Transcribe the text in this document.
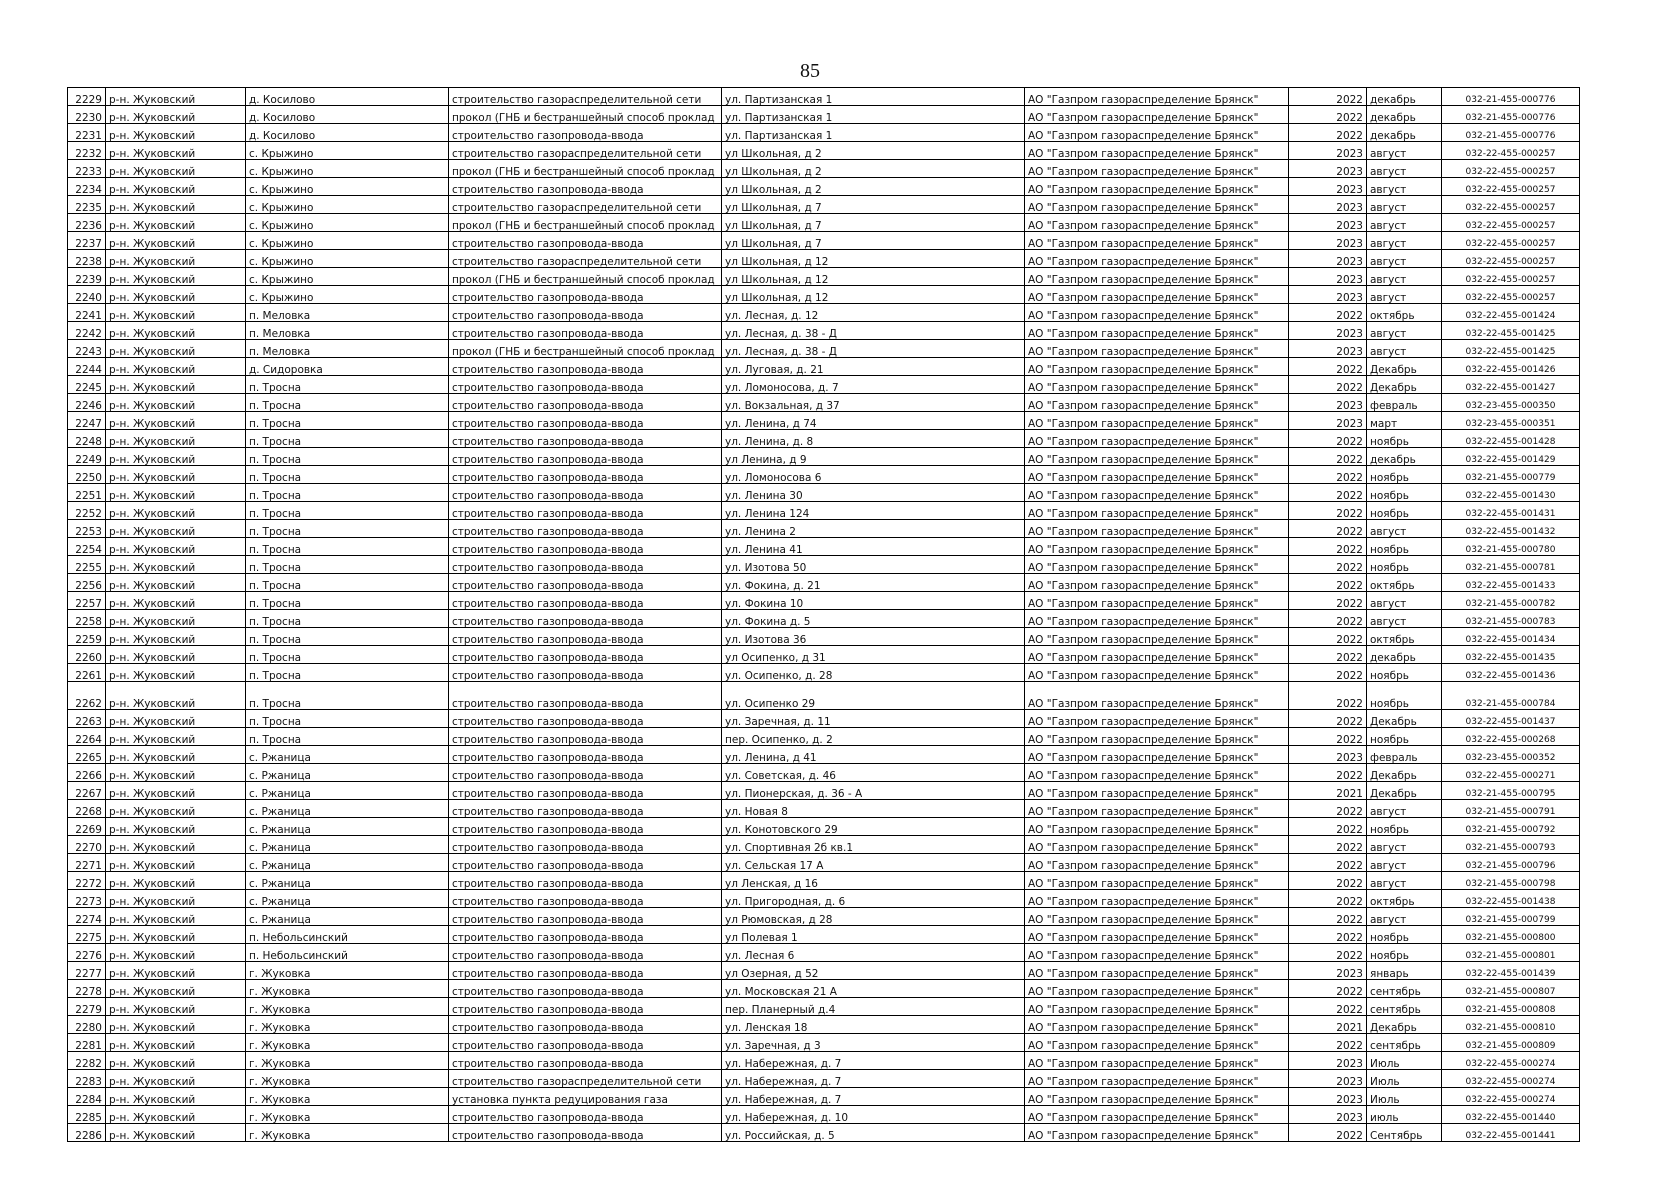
85
2229	р-н. Жуковский	д. Косилово	строительство газораспределительной сети	ул. Партизанская 1	АО "Газпром газораспределение Брянск"	2022	декабрь	032-21-455-000776
2230	р-н. Жуковский	д. Косилово	прокол (ГНБ и бестраншейный способ проклад	ул. Партизанская 1	АО "Газпром газораспределение Брянск"	2022	декабрь	032-21-455-000776
2231	р-н. Жуковский	д. Косилово	строительство газопровода-ввода	ул. Партизанская 1	АО "Газпром газораспределение Брянск"	2022	декабрь	032-21-455-000776
2232	р-н. Жуковский	с. Крыжино	строительство газораспределительной сети	ул Школьная, д 2	АО "Газпром газораспределение Брянск"	2023	август	032-22-455-000257
2233	р-н. Жуковский	с. Крыжино	прокол (ГНБ и бестраншейный способ проклад	ул Школьная, д 2	АО "Газпром газораспределение Брянск"	2023	август	032-22-455-000257
2234	р-н. Жуковский	с. Крыжино	строительство газопровода-ввода	ул Школьная, д 2	АО "Газпром газораспределение Брянск"	2023	август	032-22-455-000257
2235	р-н. Жуковский	с. Крыжино	строительство газораспределительной сети	ул Школьная, д 7	АО "Газпром газораспределение Брянск"	2023	август	032-22-455-000257
2236	р-н. Жуковский	с. Крыжино	прокол (ГНБ и бестраншейный способ проклад	ул Школьная, д 7	АО "Газпром газораспределение Брянск"	2023	август	032-22-455-000257
2237	р-н. Жуковский	с. Крыжино	строительство газопровода-ввода	ул Школьная, д 7	АО "Газпром газораспределение Брянск"	2023	август	032-22-455-000257
2238	р-н. Жуковский	с. Крыжино	строительство газораспределительной сети	ул Школьная, д 12	АО "Газпром газораспределение Брянск"	2023	август	032-22-455-000257
2239	р-н. Жуковский	с. Крыжино	прокол (ГНБ и бестраншейный способ проклад	ул Школьная, д 12	АО "Газпром газораспределение Брянск"	2023	август	032-22-455-000257
2240	р-н. Жуковский	с. Крыжино	строительство газопровода-ввода	ул Школьная, д 12	АО "Газпром газораспределение Брянск"	2023	август	032-22-455-000257
2241	р-н. Жуковский	п. Меловка	строительство газопровода-ввода	ул. Лесная, д. 12	АО "Газпром газораспределение Брянск"	2022	октябрь	032-22-455-001424
2242	р-н. Жуковский	п. Меловка	строительство газопровода-ввода	ул. Лесная, д. 38 - Д	АО "Газпром газораспределение Брянск"	2023	август	032-22-455-001425
2243	р-н. Жуковский	п. Меловка	прокол (ГНБ и бестраншейный способ проклад	ул. Лесная, д. 38 - Д	АО "Газпром газораспределение Брянск"	2023	август	032-22-455-001425
2244	р-н. Жуковский	д. Сидоровка	строительство газопровода-ввода	ул. Луговая, д. 21	АО "Газпром газораспределение Брянск"	2022	Декабрь	032-22-455-001426
2245	р-н. Жуковский	п. Тросна	строительство газопровода-ввода	ул. Ломоносова, д. 7	АО "Газпром газораспределение Брянск"	2022	Декабрь	032-22-455-001427
2246	р-н. Жуковский	п. Тросна	строительство газопровода-ввода	ул. Вокзальная, д 37	АО "Газпром газораспределение Брянск"	2023	февраль	032-23-455-000350
2247	р-н. Жуковский	п. Тросна	строительство газопровода-ввода	ул. Ленина, д 74	АО "Газпром газораспределение Брянск"	2023	март	032-23-455-000351
2248	р-н. Жуковский	п. Тросна	строительство газопровода-ввода	ул. Ленина, д. 8	АО "Газпром газораспределение Брянск"	2022	ноябрь	032-22-455-001428
2249	р-н. Жуковский	п. Тросна	строительство газопровода-ввода	ул Ленина, д 9	АО "Газпром газораспределение Брянск"	2022	декабрь	032-22-455-001429
2250	р-н. Жуковский	п. Тросна	строительство газопровода-ввода	ул. Ломоносова 6	АО "Газпром газораспределение Брянск"	2022	ноябрь	032-21-455-000779
2251	р-н. Жуковский	п. Тросна	строительство газопровода-ввода	ул. Ленина 30	АО "Газпром газораспределение Брянск"	2022	ноябрь	032-22-455-001430
2252	р-н. Жуковский	п. Тросна	строительство газопровода-ввода	ул. Ленина 124	АО "Газпром газораспределение Брянск"	2022	ноябрь	032-22-455-001431
2253	р-н. Жуковский	п. Тросна	строительство газопровода-ввода	ул. Ленина 2	АО "Газпром газораспределение Брянск"	2022	август	032-22-455-001432
2254	р-н. Жуковский	п. Тросна	строительство газопровода-ввода	ул. Ленина 41	АО "Газпром газораспределение Брянск"	2022	ноябрь	032-21-455-000780
2255	р-н. Жуковский	п. Тросна	строительство газопровода-ввода	ул. Изотова 50	АО "Газпром газораспределение Брянск"	2022	ноябрь	032-21-455-000781
2256	р-н. Жуковский	п. Тросна	строительство газопровода-ввода	ул. Фокина, д. 21	АО "Газпром газораспределение Брянск"	2022	октябрь	032-22-455-001433
2257	р-н. Жуковский	п. Тросна	строительство газопровода-ввода	ул. Фокина 10	АО "Газпром газораспределение Брянск"	2022	август	032-21-455-000782
2258	р-н. Жуковский	п. Тросна	строительство газопровода-ввода	ул. Фокина д. 5	АО "Газпром газораспределение Брянск"	2022	август	032-21-455-000783
2259	р-н. Жуковский	п. Тросна	строительство газопровода-ввода	ул. Изотова 36	АО "Газпром газораспределение Брянск"	2022	октябрь	032-22-455-001434
2260	р-н. Жуковский	п. Тросна	строительство газопровода-ввода	ул Осипенко, д 31	АО "Газпром газораспределение Брянск"	2022	декабрь	032-22-455-001435
2261	р-н. Жуковский	п. Тросна	строительство газопровода-ввода	ул. Осипенко, д. 28	АО "Газпром газораспределение Брянск"	2022	ноябрь	032-22-455-001436
2262	р-н. Жуковский	п. Тросна	строительство газопровода-ввода	ул. Осипенко 29	АО "Газпром газораспределение Брянск"	2022	ноябрь	032-21-455-000784
2263	р-н. Жуковский	п. Тросна	строительство газопровода-ввода	ул. Заречная, д. 11	АО "Газпром газораспределение Брянск"	2022	Декабрь	032-22-455-001437
2264	р-н. Жуковский	п. Тросна	строительство газопровода-ввода	пер. Осипенко, д. 2	АО "Газпром газораспределение Брянск"	2022	ноябрь	032-22-455-000268
2265	р-н. Жуковский	с. Ржаница	строительство газопровода-ввода	ул. Ленина, д 41	АО "Газпром газораспределение Брянск"	2023	февраль	032-23-455-000352
2266	р-н. Жуковский	с. Ржаница	строительство газопровода-ввода	ул. Советская, д. 46	АО "Газпром газораспределение Брянск"	2022	Декабрь	032-22-455-000271
2267	р-н. Жуковский	с. Ржаница	строительство газопровода-ввода	ул. Пионерская, д. 36 - А	АО "Газпром газораспределение Брянск"	2021	Декабрь	032-21-455-000795
2268	р-н. Жуковский	с. Ржаница	строительство газопровода-ввода	ул. Новая 8	АО "Газпром газораспределение Брянск"	2022	август	032-21-455-000791
2269	р-н. Жуковский	с. Ржаница	строительство газопровода-ввода	ул. Конотовского 29	АО "Газпром газораспределение Брянск"	2022	ноябрь	032-21-455-000792
2270	р-н. Жуковский	с. Ржаница	строительство газопровода-ввода	ул. Спортивная 2б кв.1	АО "Газпром газораспределение Брянск"	2022	август	032-21-455-000793
2271	р-н. Жуковский	с. Ржаница	строительство газопровода-ввода	ул. Сельская 17 А	АО "Газпром газораспределение Брянск"	2022	август	032-21-455-000796
2272	р-н. Жуковский	с. Ржаница	строительство газопровода-ввода	ул Ленская, д 16	АО "Газпром газораспределение Брянск"	2022	август	032-21-455-000798
2273	р-н. Жуковский	с. Ржаница	строительство газопровода-ввода	ул. Пригородная, д. 6	АО "Газпром газораспределение Брянск"	2022	октябрь	032-22-455-001438
2274	р-н. Жуковский	с. Ржаница	строительство газопровода-ввода	ул Рюмовская, д 28	АО "Газпром газораспределение Брянск"	2022	август	032-21-455-000799
2275	р-н. Жуковский	п. Небольсинский	строительство газопровода-ввода	ул Полевая 1	АО "Газпром газораспределение Брянск"	2022	ноябрь	032-21-455-000800
2276	р-н. Жуковский	п. Небольсинский	строительство газопровода-ввода	ул. Лесная 6	АО "Газпром газораспределение Брянск"	2022	ноябрь	032-21-455-000801
2277	р-н. Жуковский	г. Жуковка	строительство газопровода-ввода	ул Озерная, д 52	АО "Газпром газораспределение Брянск"	2023	январь	032-22-455-001439
2278	р-н. Жуковский	г. Жуковка	строительство газопровода-ввода	ул. Московская 21 А	АО "Газпром газораспределение Брянск"	2022	сентябрь	032-21-455-000807
2279	р-н. Жуковский	г. Жуковка	строительство газопровода-ввода	пер. Планерный д.4	АО "Газпром газораспределение Брянск"	2022	сентябрь	032-21-455-000808
2280	р-н. Жуковский	г. Жуковка	строительство газопровода-ввода	ул. Ленская 18	АО "Газпром газораспределение Брянск"	2021	Декабрь	032-21-455-000810
2281	р-н. Жуковский	г. Жуковка	строительство газопровода-ввода	ул. Заречная, д 3	АО "Газпром газораспределение Брянск"	2022	сентябрь	032-21-455-000809
2282	р-н. Жуковский	г. Жуковка	строительство газопровода-ввода	ул. Набережная, д. 7	АО "Газпром газораспределение Брянск"	2023	Июль	032-22-455-000274
2283	р-н. Жуковский	г. Жуковка	строительство газораспределительной сети	ул. Набережная, д. 7	АО "Газпром газораспределение Брянск"	2023	Июль	032-22-455-000274
2284	р-н. Жуковский	г. Жуковка	установка пункта редуцирования газа	ул. Набережная, д. 7	АО "Газпром газораспределение Брянск"	2023	Июль	032-22-455-000274
2285	р-н. Жуковский	г. Жуковка	строительство газопровода-ввода	ул. Набережная, д. 10	АО "Газпром газораспределение Брянск"	2023	июль	032-22-455-001440
2286	р-н. Жуковский	г. Жуковка	строительство газопровода-ввода	ул. Российская, д. 5	АО "Газпром газораспределение Брянск"	2022	Сентябрь	032-22-455-001441
